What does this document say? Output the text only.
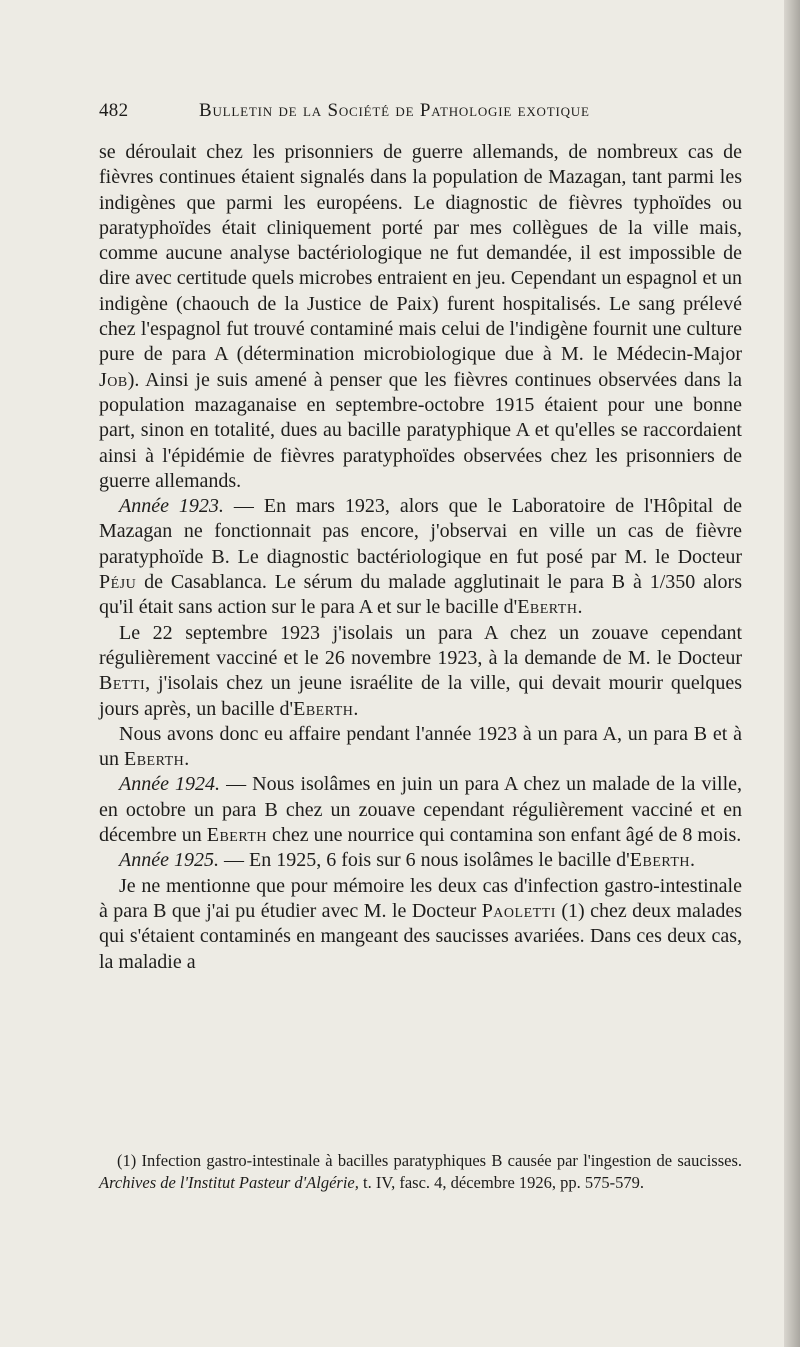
482	Bulletin de la Société de Pathologie exotique

se déroulait chez les prisonniers de guerre allemands, de nombreux cas de fièvres continues étaient signalés dans la population de Mazagan, tant parmi les indigènes que parmi les européens. Le diagnostic de fièvres typhoïdes ou paratyphoïdes était cliniquement porté par mes collègues de la ville mais, comme aucune analyse bactériologique ne fut demandée, il est impossible de dire avec certitude quels microbes entraient en jeu. Cependant un espagnol et un indigène (chaouch de la Justice de Paix) furent hospitalisés. Le sang prélevé chez l'espagnol fut trouvé contaminé mais celui de l'indigène fournit une culture pure de para A (détermination microbiologique due à M. le Médecin-Major Job). Ainsi je suis amené à penser que les fièvres continues observées dans la population mazaganaise en septembre-octobre 1915 étaient pour une bonne part, sinon en totalité, dues au bacille paratyphique A et qu'elles se raccordaient ainsi à l'épidémie de fièvres paratyphoïdes observées chez les prisonniers de guerre allemands.

Année 1923. — En mars 1923, alors que le Laboratoire de l'Hôpital de Mazagan ne fonctionnait pas encore, j'observai en ville un cas de fièvre paratyphoïde B. Le diagnostic bactériologique en fut posé par M. le Docteur Péju de Casablanca. Le sérum du malade agglutinait le para B à 1/350 alors qu'il était sans action sur le para A et sur le bacille d'Eberth.

Le 22 septembre 1923 j'isolais un para A chez un zouave cependant régulièrement vacciné et le 26 novembre 1923, à la demande de M. le Docteur Betti, j'isolais chez un jeune israélite de la ville, qui devait mourir quelques jours après, un bacille d'Eberth.

Nous avons donc eu affaire pendant l'année 1923 à un para A, un para B et à un Eberth.

Année 1924. — Nous isolâmes en juin un para A chez un malade de la ville, en octobre un para B chez un zouave cependant régulièrement vacciné et en décembre un Eberth chez une nourrice qui contamina son enfant âgé de 8 mois.

Année 1925. — En 1925, 6 fois sur 6 nous isolâmes le bacille d'Eberth.

Je ne mentionne que pour mémoire les deux cas d'infection gastro-intestinale à para B que j'ai pu étudier avec M. le Docteur Paoletti (1) chez deux malades qui s'étaient contaminés en mangeant des saucisses avariées. Dans ces deux cas, la maladie a

(1) Infection gastro-intestinale à bacilles paratyphiques B causée par l'ingestion de saucisses. Archives de l'Institut Pasteur d'Algérie, t. IV, fasc. 4, décembre 1926, pp. 575-579.
